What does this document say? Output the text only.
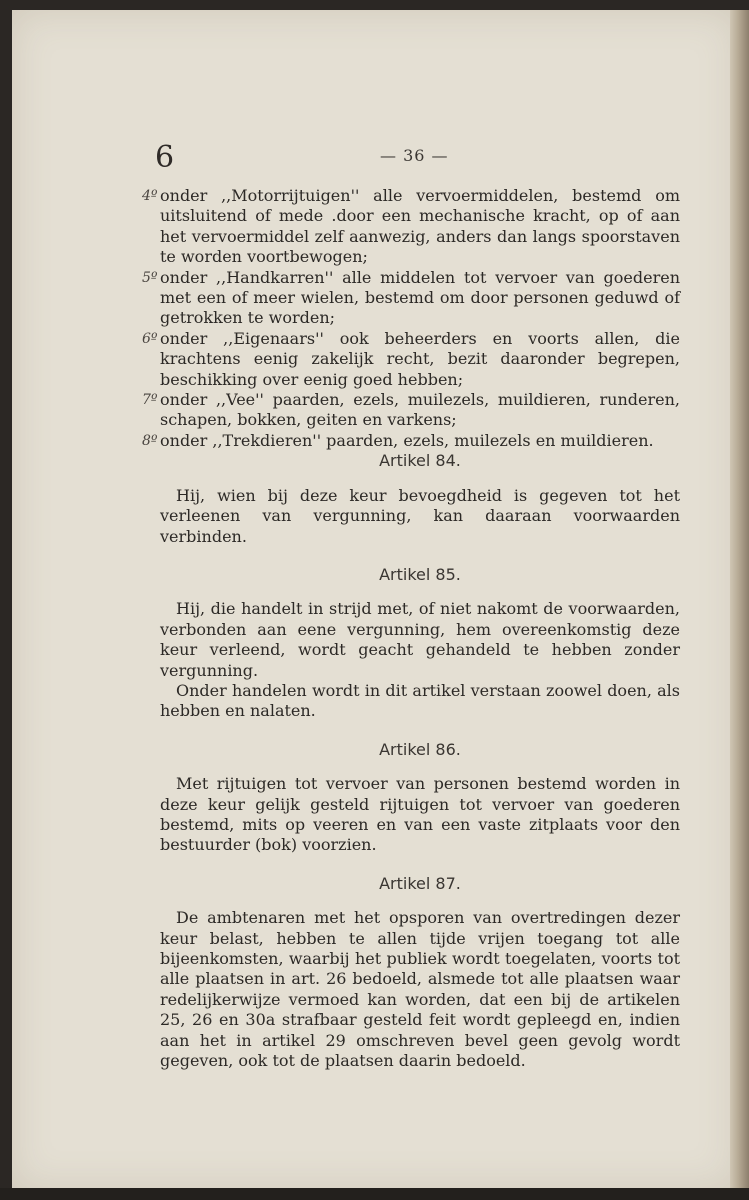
6	— 36 —
4º onder ,,Motorrijtuigen'' alle vervoermiddelen, bestemd om uitsluitend of mede .door een mechanische kracht, op of aan het vervoermiddel zelf aanwezig, anders dan langs spoorstaven te worden voortbewogen;
5º onder ,,Handkarren'' alle middelen tot vervoer van goederen met een of meer wielen, bestemd om door personen geduwd of getrokken te worden;
6º onder ,,Eigenaars'' ook beheerders en voorts allen, die krachtens eenig zakelijk recht, bezit daaronder begrepen, beschikking over eenig goed hebben;
7º onder ,,Vee'' paarden, ezels, muilezels, muildieren, runderen, schapen, bokken, geiten en varkens;
8º onder ,,Trekdieren'' paarden, ezels, muilezels en muildieren.
Artikel 84.
Hij, wien bij deze keur bevoegdheid is gegeven tot het verleenen van vergunning, kan daaraan voorwaarden verbinden.
Artikel 85.
Hij, die handelt in strijd met, of niet nakomt de voorwaarden, verbonden aan eene vergunning, hem overeenkomstig deze keur verleend, wordt geacht gehandeld te hebben zonder vergunning.
Onder handelen wordt in dit artikel verstaan zoowel doen, als hebben en nalaten.
Artikel 86.
Met rijtuigen tot vervoer van personen bestemd worden in deze keur gelijk gesteld rijtuigen tot vervoer van goederen bestemd, mits op veeren en van een vaste zitplaats voor den bestuurder (bok) voorzien.
Artikel 87.
De ambtenaren met het opsporen van overtredingen dezer keur belast, hebben te allen tijde vrijen toegang tot alle bijeenkomsten, waarbij het publiek wordt toegelaten, voorts tot alle plaatsen in art. 26 bedoeld, alsmede tot alle plaatsen waar redelijkerwijze vermoed kan worden, dat een bij de artikelen 25, 26 en 30a strafbaar gesteld feit wordt gepleegd en, indien aan het in artikel 29 omschreven bevel geen gevolg wordt gegeven, ook tot de plaatsen daarin bedoeld.
